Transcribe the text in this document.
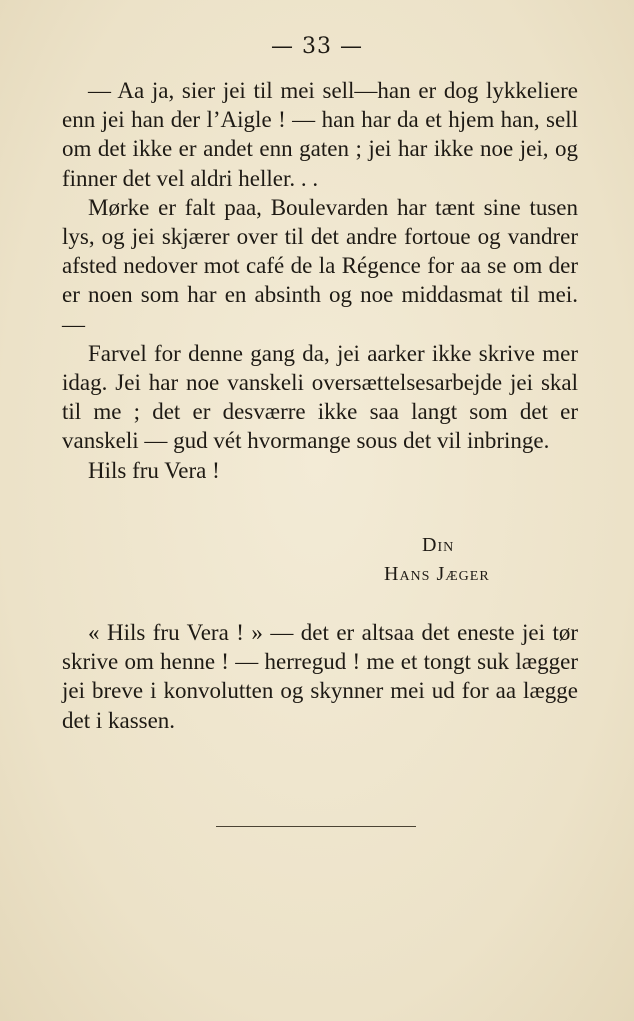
— 33 —

— Aa ja, sier jei til mei sell—han er dog lykkeliere enn jei han der l’Aigle ! — han har da et hjem han, sell om det ikke er andet enn gaten ; jei har ikke noe jei, og finner det vel aldri heller. . .

Mørke er falt paa, Boulevarden har tænt sine tusen lys, og jei skjærer over til det andre fortoue og vandrer afsted nedover mot café de la Régence for aa se om der er noen som har en absinth og noe middasmat til mei. —

Farvel for denne gang da, jei aarker ikke skrive mer idag. Jei har noe vanskeli oversættelsesarbejde jei skal til me ; det er desværre ikke saa langt som det er vanskeli — gud vét hvormange sous det vil inbringe.

Hils fru Vera !

Din
Hans Jæger

« Hils fru Vera ! » — det er altsaa det eneste jei tør skrive om henne ! — herregud ! me et tongt suk lægger jei breve i konvolutten og skynner mei ud for aa lægge det i kassen.
